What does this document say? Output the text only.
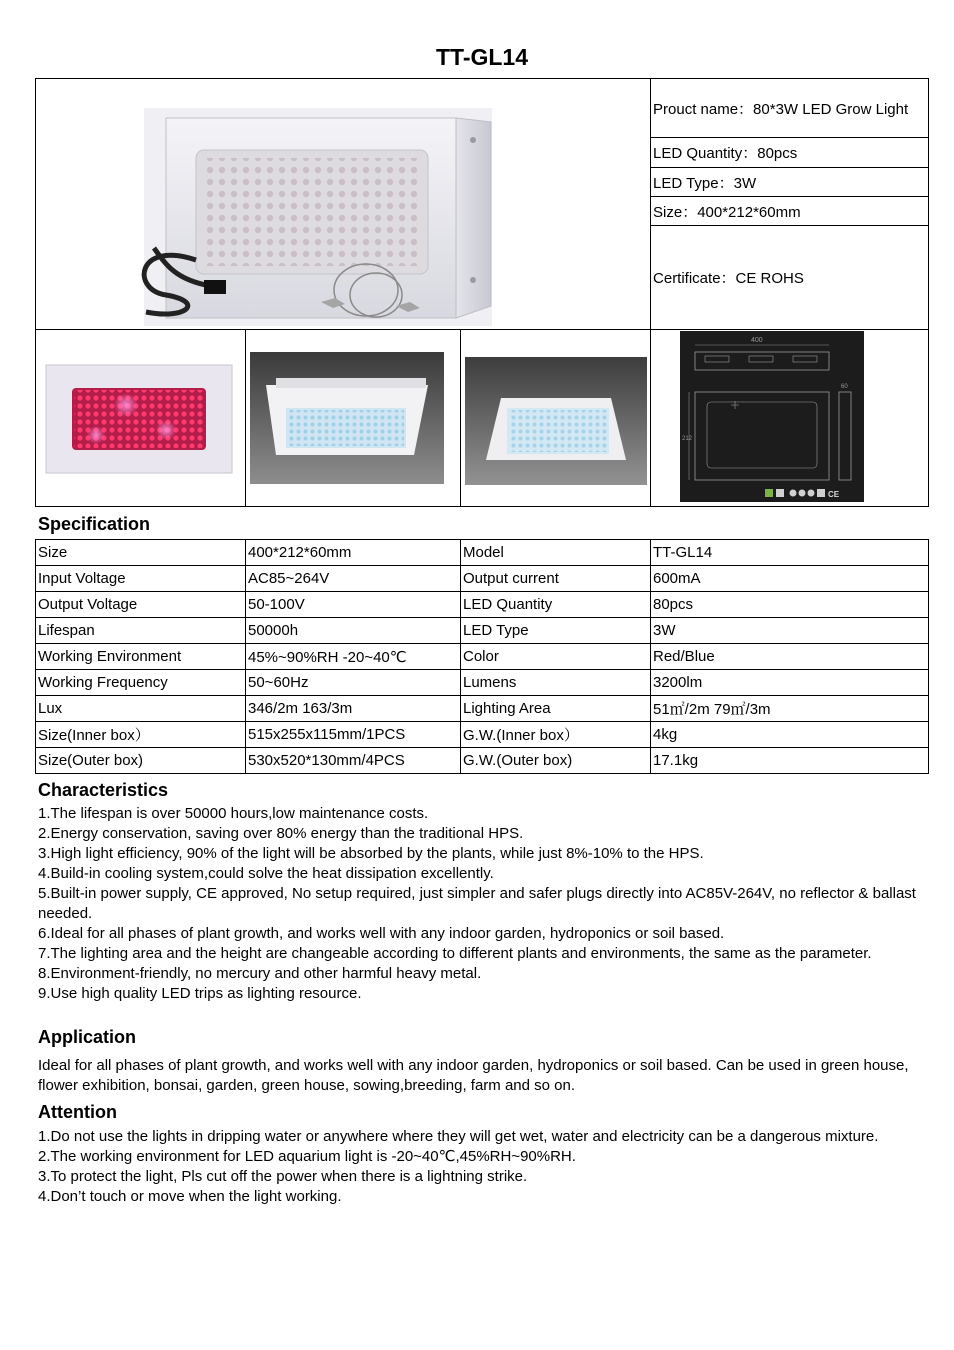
TT-GL14
	Prouct name：80*3W LED Grow Light
			LED Quantity：80pcs
			LED Type：3W
			Size：400*212*60mm
			Certificate：CE ROHS

400
212
60
CE
Specification
Size	400*212*60mm	Model	TT-GL14
Input Voltage	AC85~264V	Output current	600mA
Output Voltage	50-100V	LED Quantity	80pcs
Lifespan	50000h	LED Type	3W
Working Environment	45%~90%RH -20~40℃	Color	Red/Blue
Working Frequency	50~60Hz	Lumens	3200lm
Lux	346/2m 163/3m	Lighting Area	51㎡/2m 79㎡/3m
Size(Inner box）	515x255x115mm/1PCS	G.W.(Inner box）	4kg
Size(Outer box)	530x520*130mm/4PCS	G.W.(Outer box)	17.1kg
Characteristics

1.The lifespan is over 50000 hours,low maintenance costs.

2.Energy conservation, saving over 80% energy than the traditional HPS.

3.High light efficiency, 90% of the light will be absorbed by the plants, while just 8%-10% to the HPS.

4.Build-in cooling system,could solve the heat dissipation excellently.

5.Built-in power supply, CE approved, No setup required, just simpler and safer plugs directly into AC85V-264V, no reflector & ballast needed.

6.Ideal for all phases of plant growth, and works well with any indoor garden, hydroponics or soil based.

7.The lighting area and the height are changeable according to different plants and environments, the same as the parameter.

8.Environment-friendly, no mercury and other harmful heavy metal.

9.Use high quality LED trips as lighting resource.

Application
Ideal for all phases of plant growth, and works well with any indoor garden, hydroponics or soil based. Can be used in green house, flower exhibition, bonsai, garden, green house, sowing,breeding, farm and so on.
Attention

1.Do not use the lights in dripping water or anywhere where they will get wet, water and electricity can be a dangerous mixture.

2.The working environment for LED aquarium light is -20~40℃,45%RH~90%RH.

3.To protect the light, Pls cut off the power when there is a lightning strike.

4.Don’t touch or move when the light working.
